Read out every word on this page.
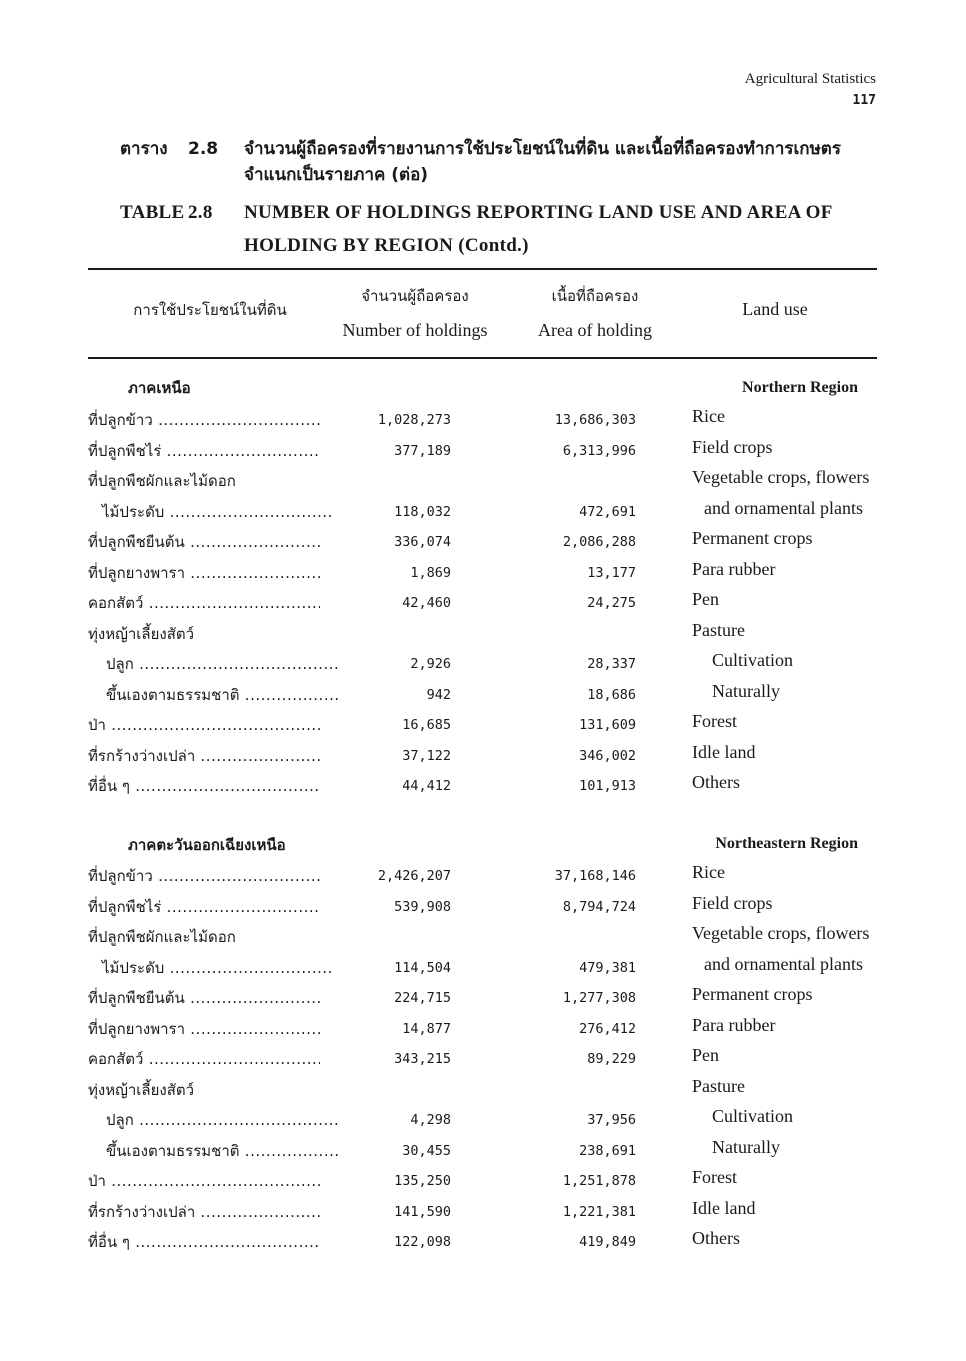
Agricultural Statistics
117
ตาราง	2.8	จำนวนผู้ถือครองที่รายงานการใช้ประโยชน์ในที่ดิน และเนื้อที่ถือครองทำการเกษตร
จำแนกเป็นรายภาค (ต่อ)
TABLE 2.8	NUMBER OF HOLDINGS REPORTING LAND USE AND AREA OF
HOLDING BY REGION (Contd.)
การใช้ประโยชน์ในที่ดิน
จำนวนผู้ถือครอง
Number of holdings
เนื้อที่ถือครอง
Area of holding
Land use
ภาคเหนือ	Northern Region
ที่ปลูกข้าว .....	1,028,273	13,686,303	Rice
ที่ปลูกพืชไร่ .....	377,189	6,313,996	Field crops
ที่ปลูกพืชผักและไม้ดอก	Vegetable crops, flowers
ไม้ประดับ .....	118,032	472,691	and ornamental plants
ที่ปลูกพืชยืนต้น .....	336,074	2,086,288	Permanent crops
ที่ปลูกยางพารา .....	1,869	13,177	Para rubber
คอกสัตว์ .....	42,460	24,275	Pen
ทุ่งหญ้าเลี้ยงสัตว์	Pasture
ปลูก .....	2,926	28,337	Cultivation
ขึ้นเองตามธรรมชาติ .....	942	18,686	Naturally
ป่า .....	16,685	131,609	Forest
ที่รกร้างว่างเปล่า .....	37,122	346,002	Idle land
ที่อื่น ๆ .....	44,412	101,913	Others
ภาคตะวันออกเฉียงเหนือ	Northeastern Region
ที่ปลูกข้าว .....	2,426,207	37,168,146	Rice
ที่ปลูกพืชไร่ .....	539,908	8,794,724	Field crops
ที่ปลูกพืชผักและไม้ดอก	Vegetable crops, flowers
ไม้ประดับ .....	114,504	479,381	and ornamental plants
ที่ปลูกพืชยืนต้น .....	224,715	1,277,308	Permanent crops
ที่ปลูกยางพารา .....	14,877	276,412	Para rubber
คอกสัตว์ .....	343,215	89,229	Pen
ทุ่งหญ้าเลี้ยงสัตว์	Pasture
ปลูก .....	4,298	37,956	Cultivation
ขึ้นเองตามธรรมชาติ .....	30,455	238,691	Naturally
ป่า .....	135,250	1,251,878	Forest
ที่รกร้างว่างเปล่า .....	141,590	1,221,381	Idle land
ที่อื่น ๆ .....	122,098	419,849	Others
